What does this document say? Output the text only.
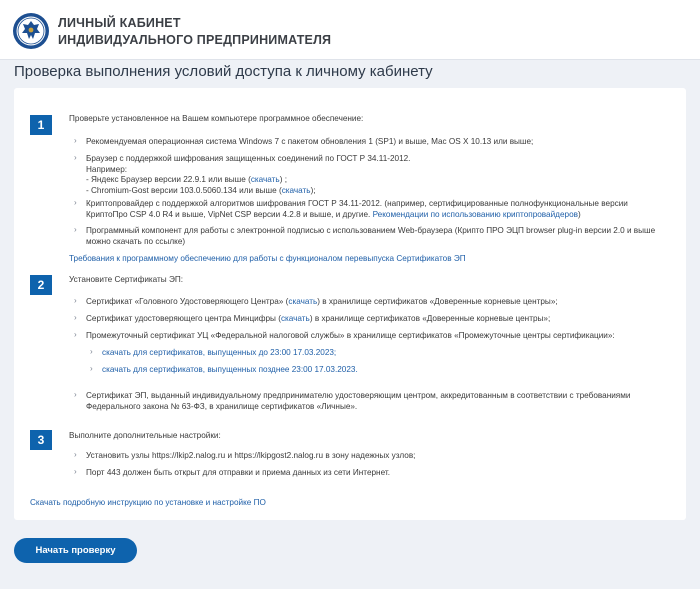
ЛИЧНЫЙ КАБИНЕТ
ИНДИВИДУАЛЬНОГО ПРЕДПРИНИМАТЕЛЯ
Проверка выполнения условий доступа к личному кабинету
1	Проверьте установленное на Вашем компьютере программное обеспечение:
› Рекомендуемая операционная система Windows 7 с пакетом обновления 1 (SP1) и выше, Mac OS X 10.13 или выше;
› Браузер с поддержкой шифрования защищенных соединений по ГОСТ Р 34.11-2012.
Например:
- Яндекс Браузер версии 22.9.1 или выше (скачать) ;
- Chromium-Gost версии 103.0.5060.134 или выше (скачать);
› Криптопровайдер с поддержкой алгоритмов шифрования ГОСТ Р 34.11-2012. (например, сертифицированные полнофункциональные версии
КриптоПро CSP 4.0 R4 и выше, VipNet CSP версии 4.2.8 и выше, и другие. Рекомендации по использованию криптопровайдеров)
› Программный компонент для работы с электронной подписью с использованием Web-браузера (Крипто ПРО ЭЦП browser plug-in версии 2.0 и выше
можно скачать по ссылке)
Требования к программному обеспечению для работы с функционалом перевыпуска Сертификатов ЭП
2	Установите Сертификаты ЭП:
› Сертификат «Головного Удостоверяющего Центра» (скачать) в хранилище сертификатов «Доверенные корневые центры»;
› Сертификат удостоверяющего центра Минцифры (скачать) в хранилище сертификатов «Доверенные корневые центры»;
› Промежуточный сертификат УЦ «Федеральной налоговой службы» в хранилище сертификатов «Промежуточные центры сертификации»:
› скачать для сертификатов, выпущенных до 23:00 17.03.2023;
› скачать для сертификатов, выпущенных позднее 23:00 17.03.2023.
› Сертификат ЭП, выданный индивидуальному предпринимателю удостоверяющим центром, аккредитованным в соответствии с требованиями
Федерального закона № 63-ФЗ, в хранилище сертификатов «Личные».
3	Выполните дополнительные настройки:
› Установить узлы https://lkip2.nalog.ru и https://lkipgost2.nalog.ru в зону надежных узлов;
› Порт 443 должен быть открыт для отправки и приема данных из сети Интернет.
Скачать подробную инструкцию по установке и настройке ПО
Начать проверку
